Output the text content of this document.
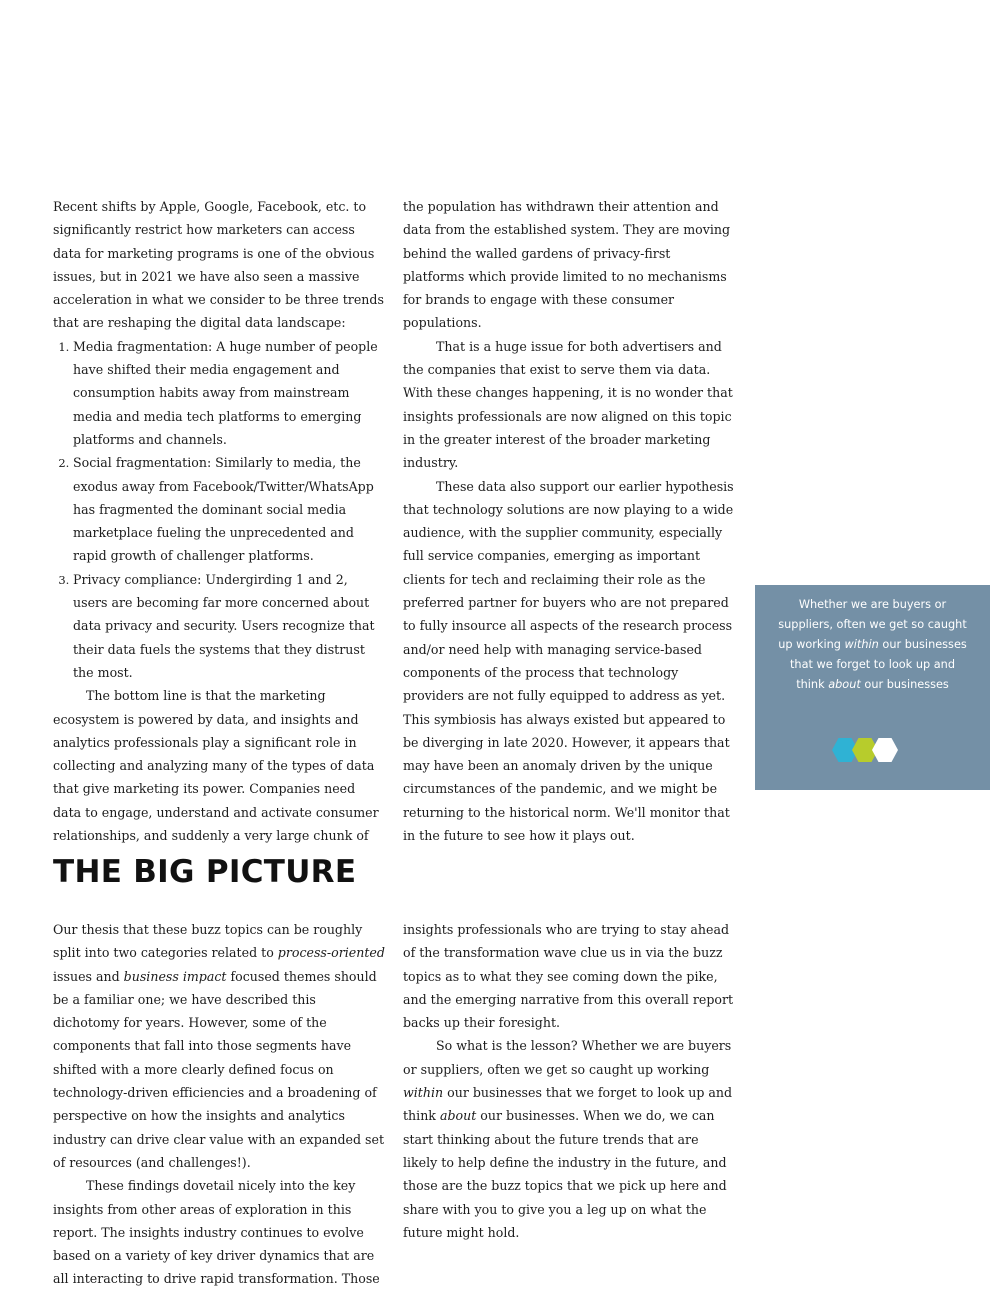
Recent shifts by Apple, Google, Facebook, etc. to significantly restrict how marketers can access data for marketing programs is one of the obvious issues, but in 2021 we have also seen a massive acceleration in what we consider to be three trends that are reshaping the digital data landscape:

1. Media fragmentation: A huge number of people have shifted their media engagement and consumption habits away from mainstream media and media tech platforms to emerging platforms and channels.
2. Social fragmentation: Similarly to media, the exodus away from Facebook/Twitter/WhatsApp has fragmented the dominant social media marketplace fueling the unprecedented and rapid growth of challenger platforms.
3. Privacy compliance: Undergirding 1 and 2, users are becoming far more concerned about data privacy and security. Users recognize that their data fuels the systems that they distrust the most.

The bottom line is that the marketing ecosystem is powered by data, and insights and analytics professionals play a significant role in collecting and analyzing many of the types of data that give marketing its power. Companies need data to engage, understand and activate consumer relationships, and suddenly a very large chunk of

the population has withdrawn their attention and data from the established system. They are moving behind the walled gardens of privacy-first platforms which provide limited to no mechanisms for brands to engage with these consumer populations.

That is a huge issue for both advertisers and the companies that exist to serve them via data. With these changes happening, it is no wonder that insights professionals are now aligned on this topic in the greater interest of the broader marketing industry.

These data also support our earlier hypothesis that technology solutions are now playing to a wide audience, with the supplier community, especially full service companies, emerging as important clients for tech and reclaiming their role as the preferred partner for buyers who are not prepared to fully insource all aspects of the research process and/or need help with managing service-based components of the process that technology providers are not fully equipped to address as yet. This symbiosis has always existed but appeared to be diverging in late 2020. However, it appears that may have been an anomaly driven by the unique circumstances of the pandemic, and we might be returning to the historical norm. We'll monitor that in the future to see how it plays out.

THE BIG PICTURE

Our thesis that these buzz topics can be roughly split into two categories related to process-oriented issues and business impact focused themes should be a familiar one; we have described this dichotomy for years. However, some of the components that fall into those segments have shifted with a more clearly defined focus on technology-driven efficiencies and a broadening of perspective on how the insights and analytics industry can drive clear value with an expanded set of resources (and challenges!).

These findings dovetail nicely into the key insights from other areas of exploration in this report. The insights industry continues to evolve based on a variety of key driver dynamics that are all interacting to drive rapid transformation. Those

insights professionals who are trying to stay ahead of the transformation wave clue us in via the buzz topics as to what they see coming down the pike, and the emerging narrative from this overall report backs up their foresight.

So what is the lesson? Whether we are buyers or suppliers, often we get so caught up working within our businesses that we forget to look up and think about our businesses. When we do, we can start thinking about the future trends that are likely to help define the industry in the future, and those are the buzz topics that we pick up here and share with you to give you a leg up on what the future might hold.

Whether we are buyers or suppliers, often we get so caught up working within our businesses that we forget to look up and think about our businesses
